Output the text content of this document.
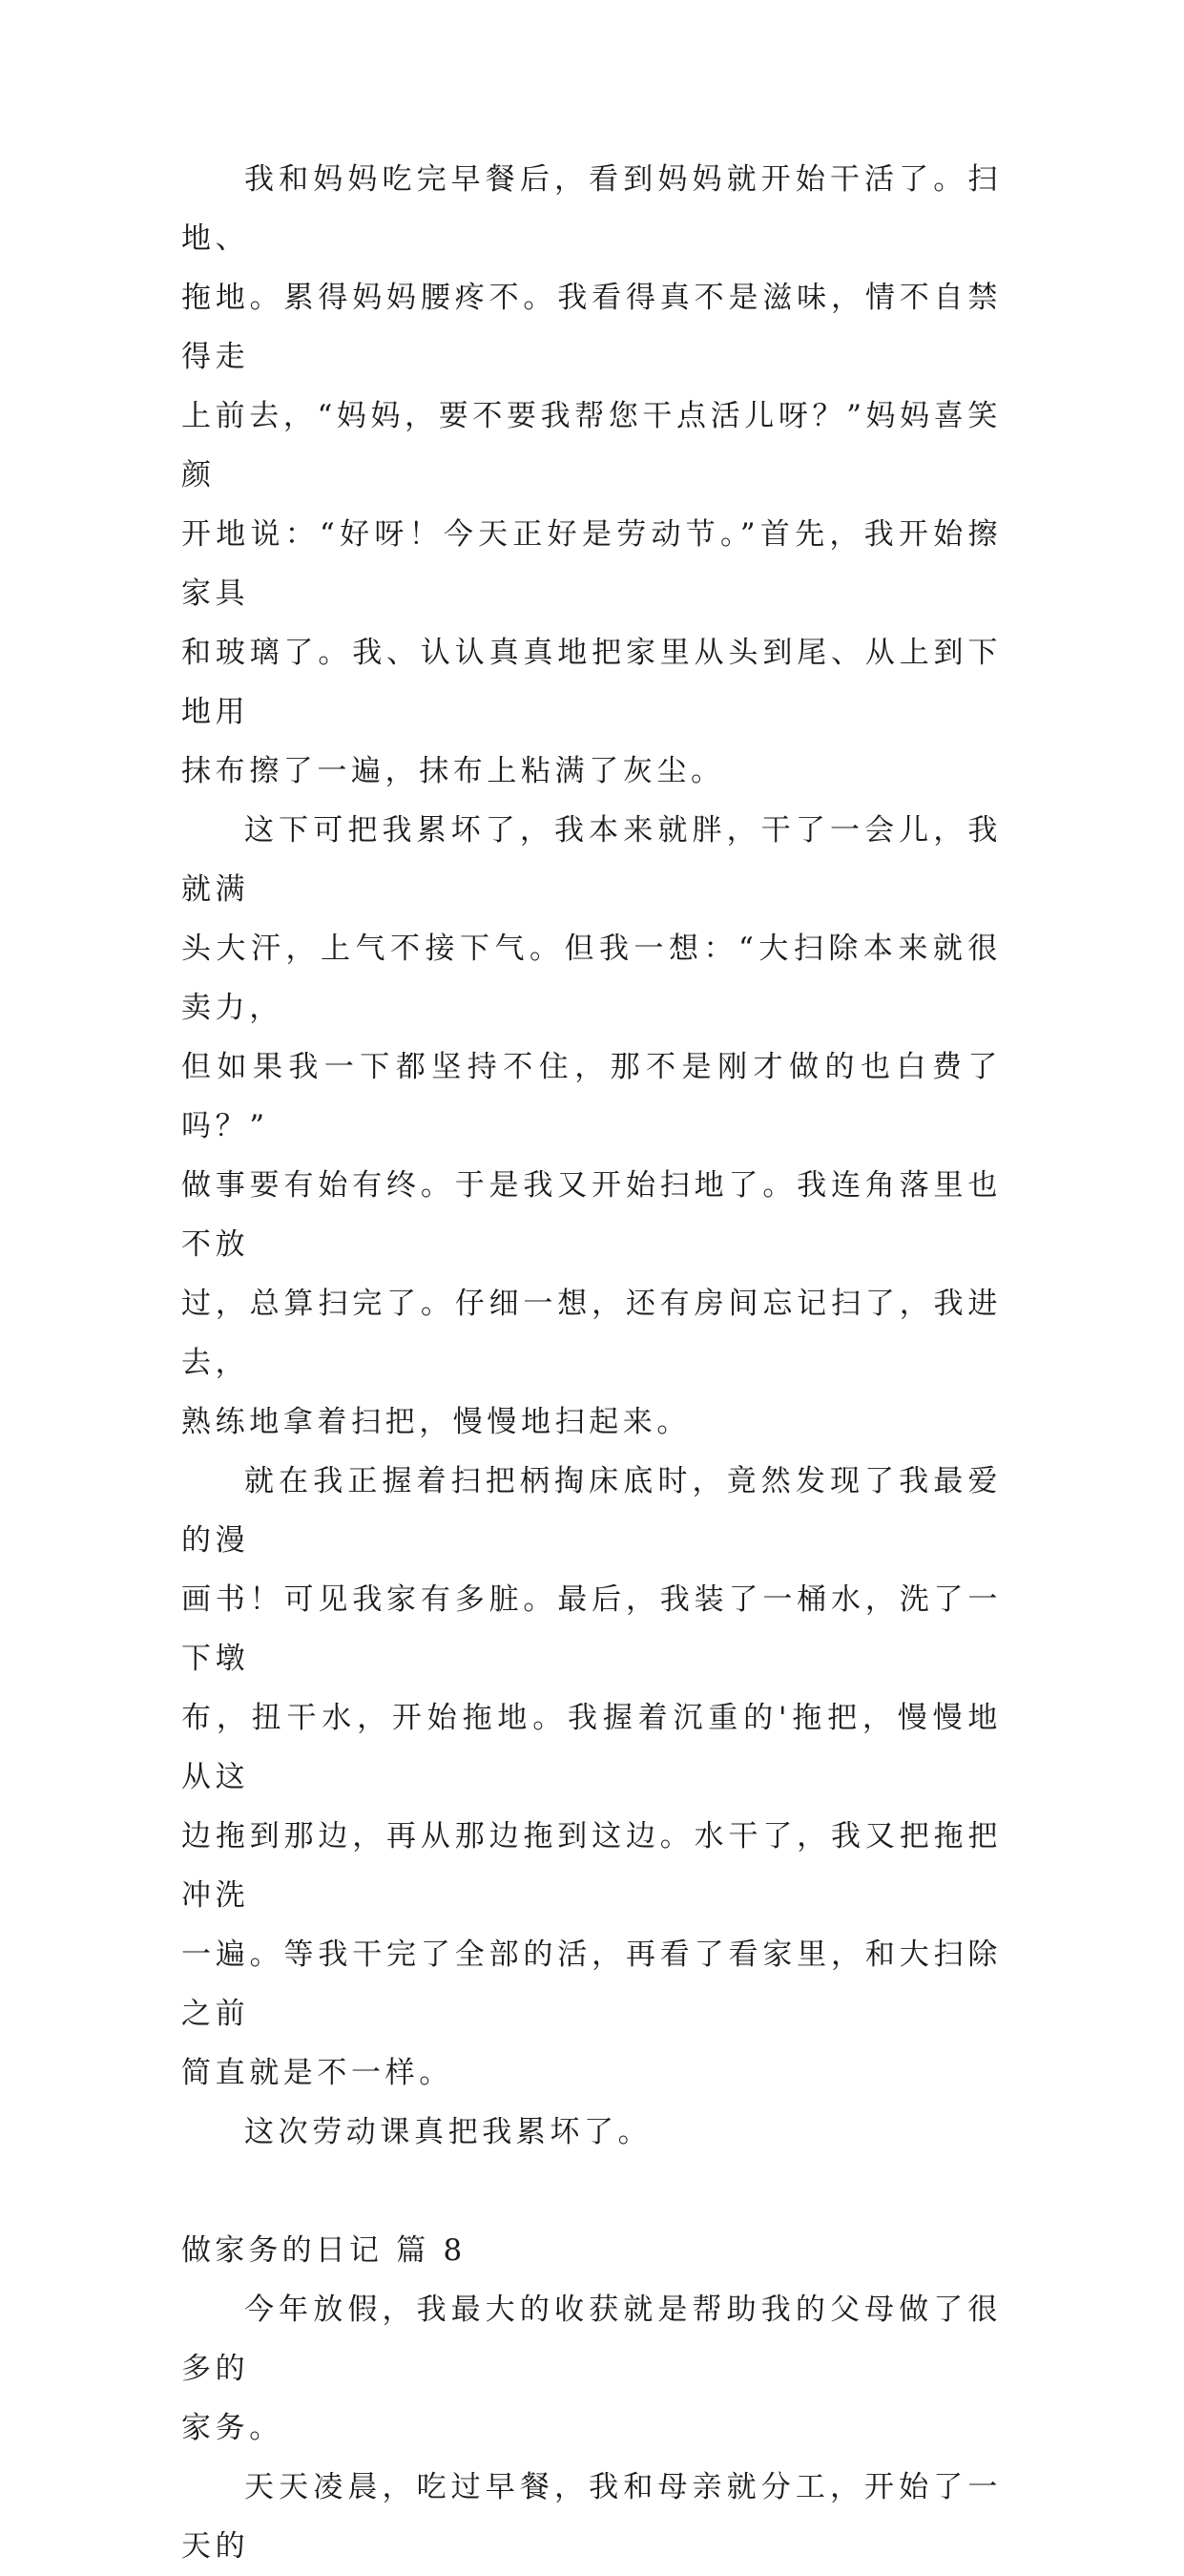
我和妈妈吃完早餐后，看到妈妈就开始干活了。扫地、
拖地。累得妈妈腰疼不。我看得真不是滋味，情不自禁得走
上前去，“妈妈，要不要我帮您干点活儿呀？”妈妈喜笑颜
开地说：“好呀！今天正好是劳动节。”首先，我开始擦家具
和玻璃了。我、认认真真地把家里从头到尾、从上到下地用
抹布擦了一遍，抹布上粘满了灰尘。

这下可把我累坏了，我本来就胖，干了一会儿，我就满
头大汗，上气不接下气。但我一想：“大扫除本来就很卖力，
但如果我一下都坚持不住，那不是刚才做的也白费了吗？”
做事要有始有终。于是我又开始扫地了。我连角落里也不放
过，总算扫完了。仔细一想，还有房间忘记扫了，我进去，
熟练地拿着扫把，慢慢地扫起来。

就在我正握着扫把柄掏床底时，竟然发现了我最爱的漫
画书！可见我家有多脏。最后，我装了一桶水，洗了一下墩
布，扭干水，开始拖地。我握着沉重的'拖把，慢慢地从这
边拖到那边，再从那边拖到这边。水干了，我又把拖把冲洗
一遍。等我干完了全部的活，再看了看家里，和大扫除之前
简直就是不一样。

这次劳动课真把我累坏了。

做家务的日记 篇 8

今年放假，我最大的收获就是帮助我的父母做了很多的
家务。

天天凌晨，吃过早餐，我和母亲就分工，开始了一天的
